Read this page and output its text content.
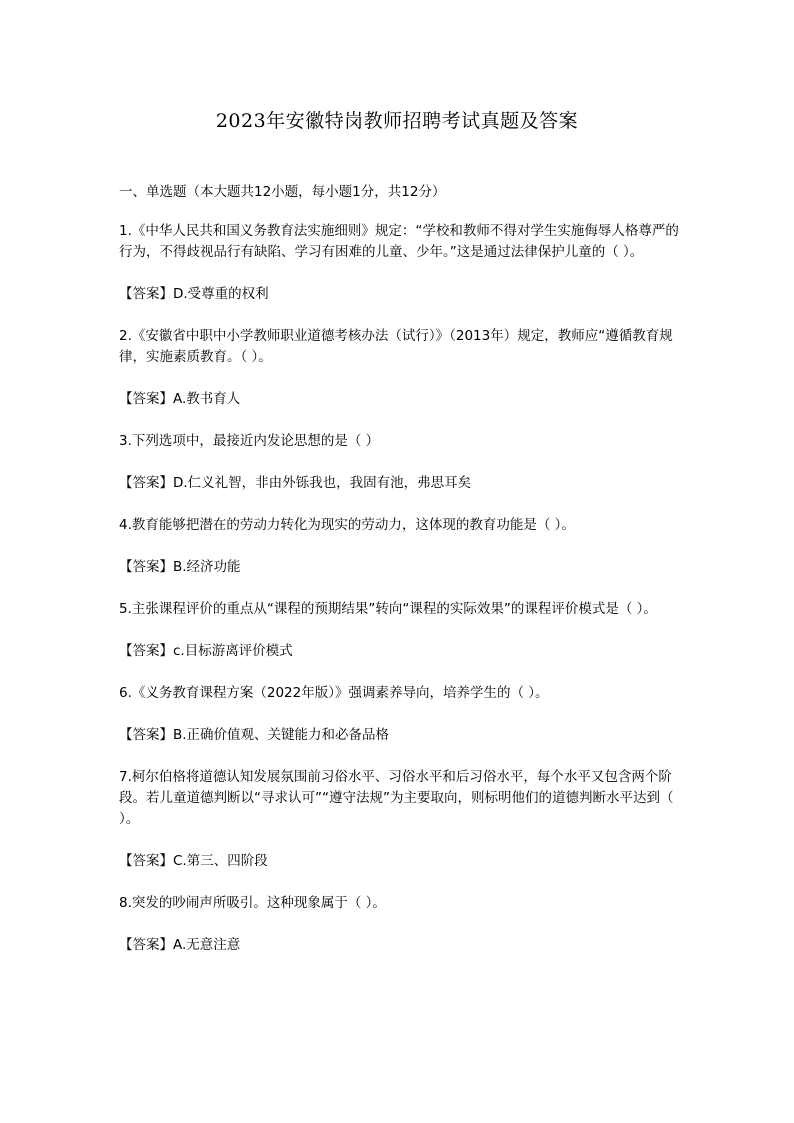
2023年安徽特岗教师招聘考试真题及答案
一、单选题（本大题共12小题，每小题1分，共12分）

1.《中华人民共和国义务教育法实施细则》规定：“学校和教师不得对学生实施侮辱人格尊严的行为，不得歧视品行有缺陷、学习有困难的儿童、少年。”这是通过法律保护儿童的（ ）。

【答案】D.受尊重的权利

2.《安徽省中职中小学教师职业道德考核办法（试行）》（2013年）规定，教师应“遵循教育规律，实施素质教育。（ ）。

【答案】A.教书育人

3.下列选项中，最接近内发论思想的是（ ）

【答案】D.仁义礼智，非由外铄我也，我固有池，弗思耳矣

4.教育能够把潜在的劳动力转化为现实的劳动力，这体现的教育功能是（ ）。

【答案】B.经济功能

5.主张课程评价的重点从“课程的预期结果”转向“课程的实际效果”的课程评价模式是（ ）。

【答案】c.目标游离评价模式

6.《义务教育课程方案（2022年版）》强调素养导向，培养学生的（ ）。

【答案】B.正确价值观、关键能力和必备品格

7.柯尔伯格将道德认知发展氛围前习俗水平、习俗水平和后习俗水平，每个水平又包含两个阶段。若儿童道德判断以“寻求认可”“遵守法规”为主要取向，则标明他们的道德判断水平达到（ ）。

【答案】C.第三、四阶段

8.突发的吵闹声所吸引。这种现象属于（ ）。

【答案】A.无意注意
